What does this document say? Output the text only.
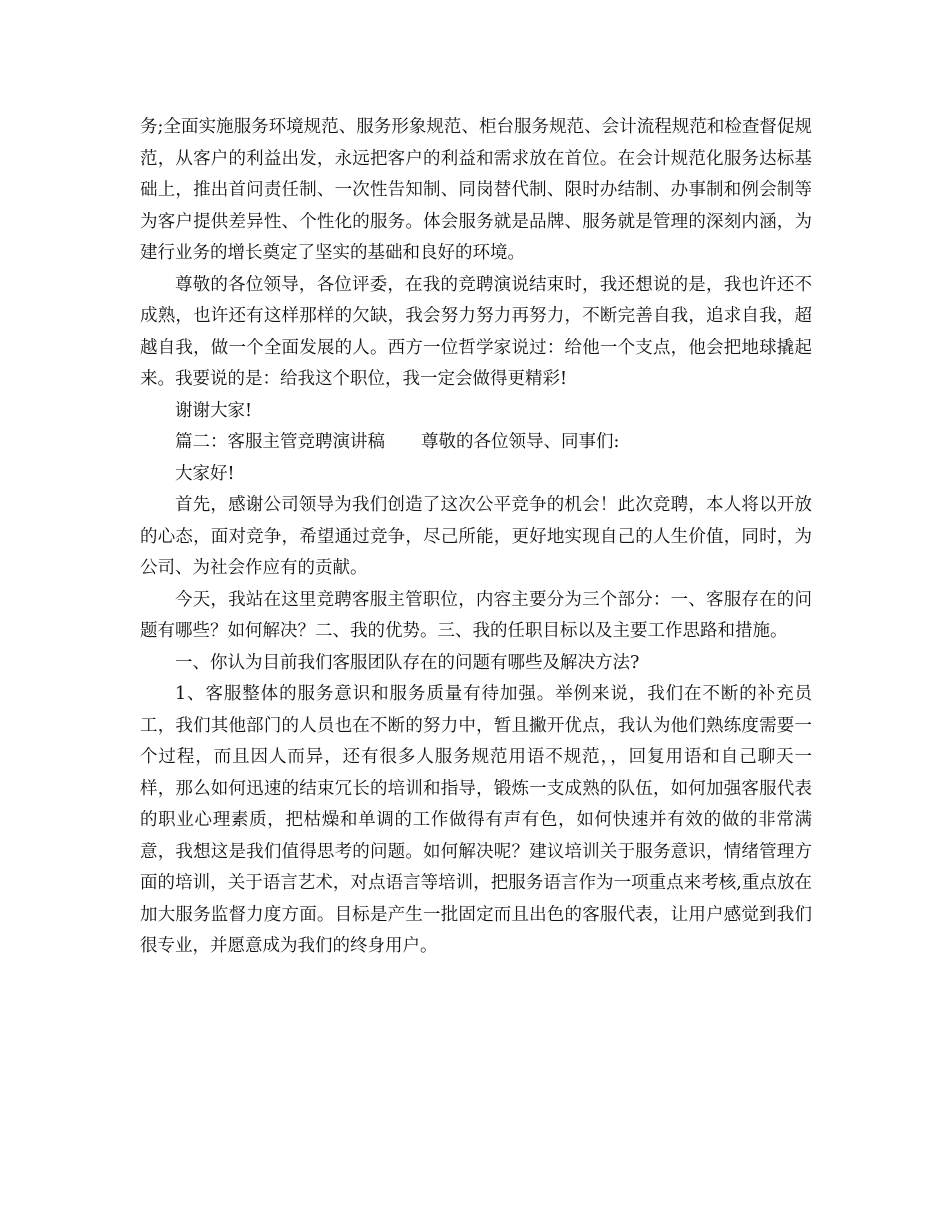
务;全面实施服务环境规范、服务形象规范、柜台服务规范、会计流程规范和检查督促规范，从客户的利益出发，永远把客户的利益和需求放在首位。在会计规范化服务达标基础上，推出首问责任制、一次性告知制、同岗替代制、限时办结制、办事制和例会制等为客户提供差异性、个性化的服务。体会服务就是品牌、服务就是管理的深刻内涵，为建行业务的增长奠定了坚实的基础和良好的环境。

尊敬的各位领导，各位评委，在我的竞聘演说结束时，我还想说的是，我也许还不成熟，也许还有这样那样的欠缺，我会努力努力再努力，不断完善自我，追求自我，超越自我，做一个全面发展的人。西方一位哲学家说过：给他一个支点，他会把地球撬起来。我要说的是：给我这个职位，我一定会做得更精彩!

谢谢大家!

篇二：客服主管竞聘演讲稿 尊敬的各位领导、同事们:

大家好!

首先，感谢公司领导为我们创造了这次公平竞争的机会！此次竞聘，本人将以开放的心态，面对竞争，希望通过竞争，尽己所能，更好地实现自己的人生价值，同时，为公司、为社会作应有的贡献。

今天，我站在这里竞聘客服主管职位，内容主要分为三个部分：一、客服存在的问题有哪些？如何解决？二、我的优势。三、我的任职目标以及主要工作思路和措施。

一、你认为目前我们客服团队存在的问题有哪些及解决方法?

1、客服整体的服务意识和服务质量有待加强。举例来说，我们在不断的补充员工，我们其他部门的人员也在不断的努力中，暂且撇开优点，我认为他们熟练度需要一个过程，而且因人而异，还有很多人服务规范用语不规范，，回复用语和自己聊天一样，那么如何迅速的结束冗长的培训和指导，锻炼一支成熟的队伍，如何加强客服代表的职业心理素质，把枯燥和单调的工作做得有声有色，如何快速并有效的做的非常满意，我想这是我们值得思考的问题。如何解决呢？建议培训关于服务意识，情绪管理方面的培训，关于语言艺术，对点语言等培训，把服务语言作为一项重点来考核,重点放在加大服务监督力度方面。目标是产生一批固定而且出色的客服代表，让用户感觉到我们很专业，并愿意成为我们的终身用户。
